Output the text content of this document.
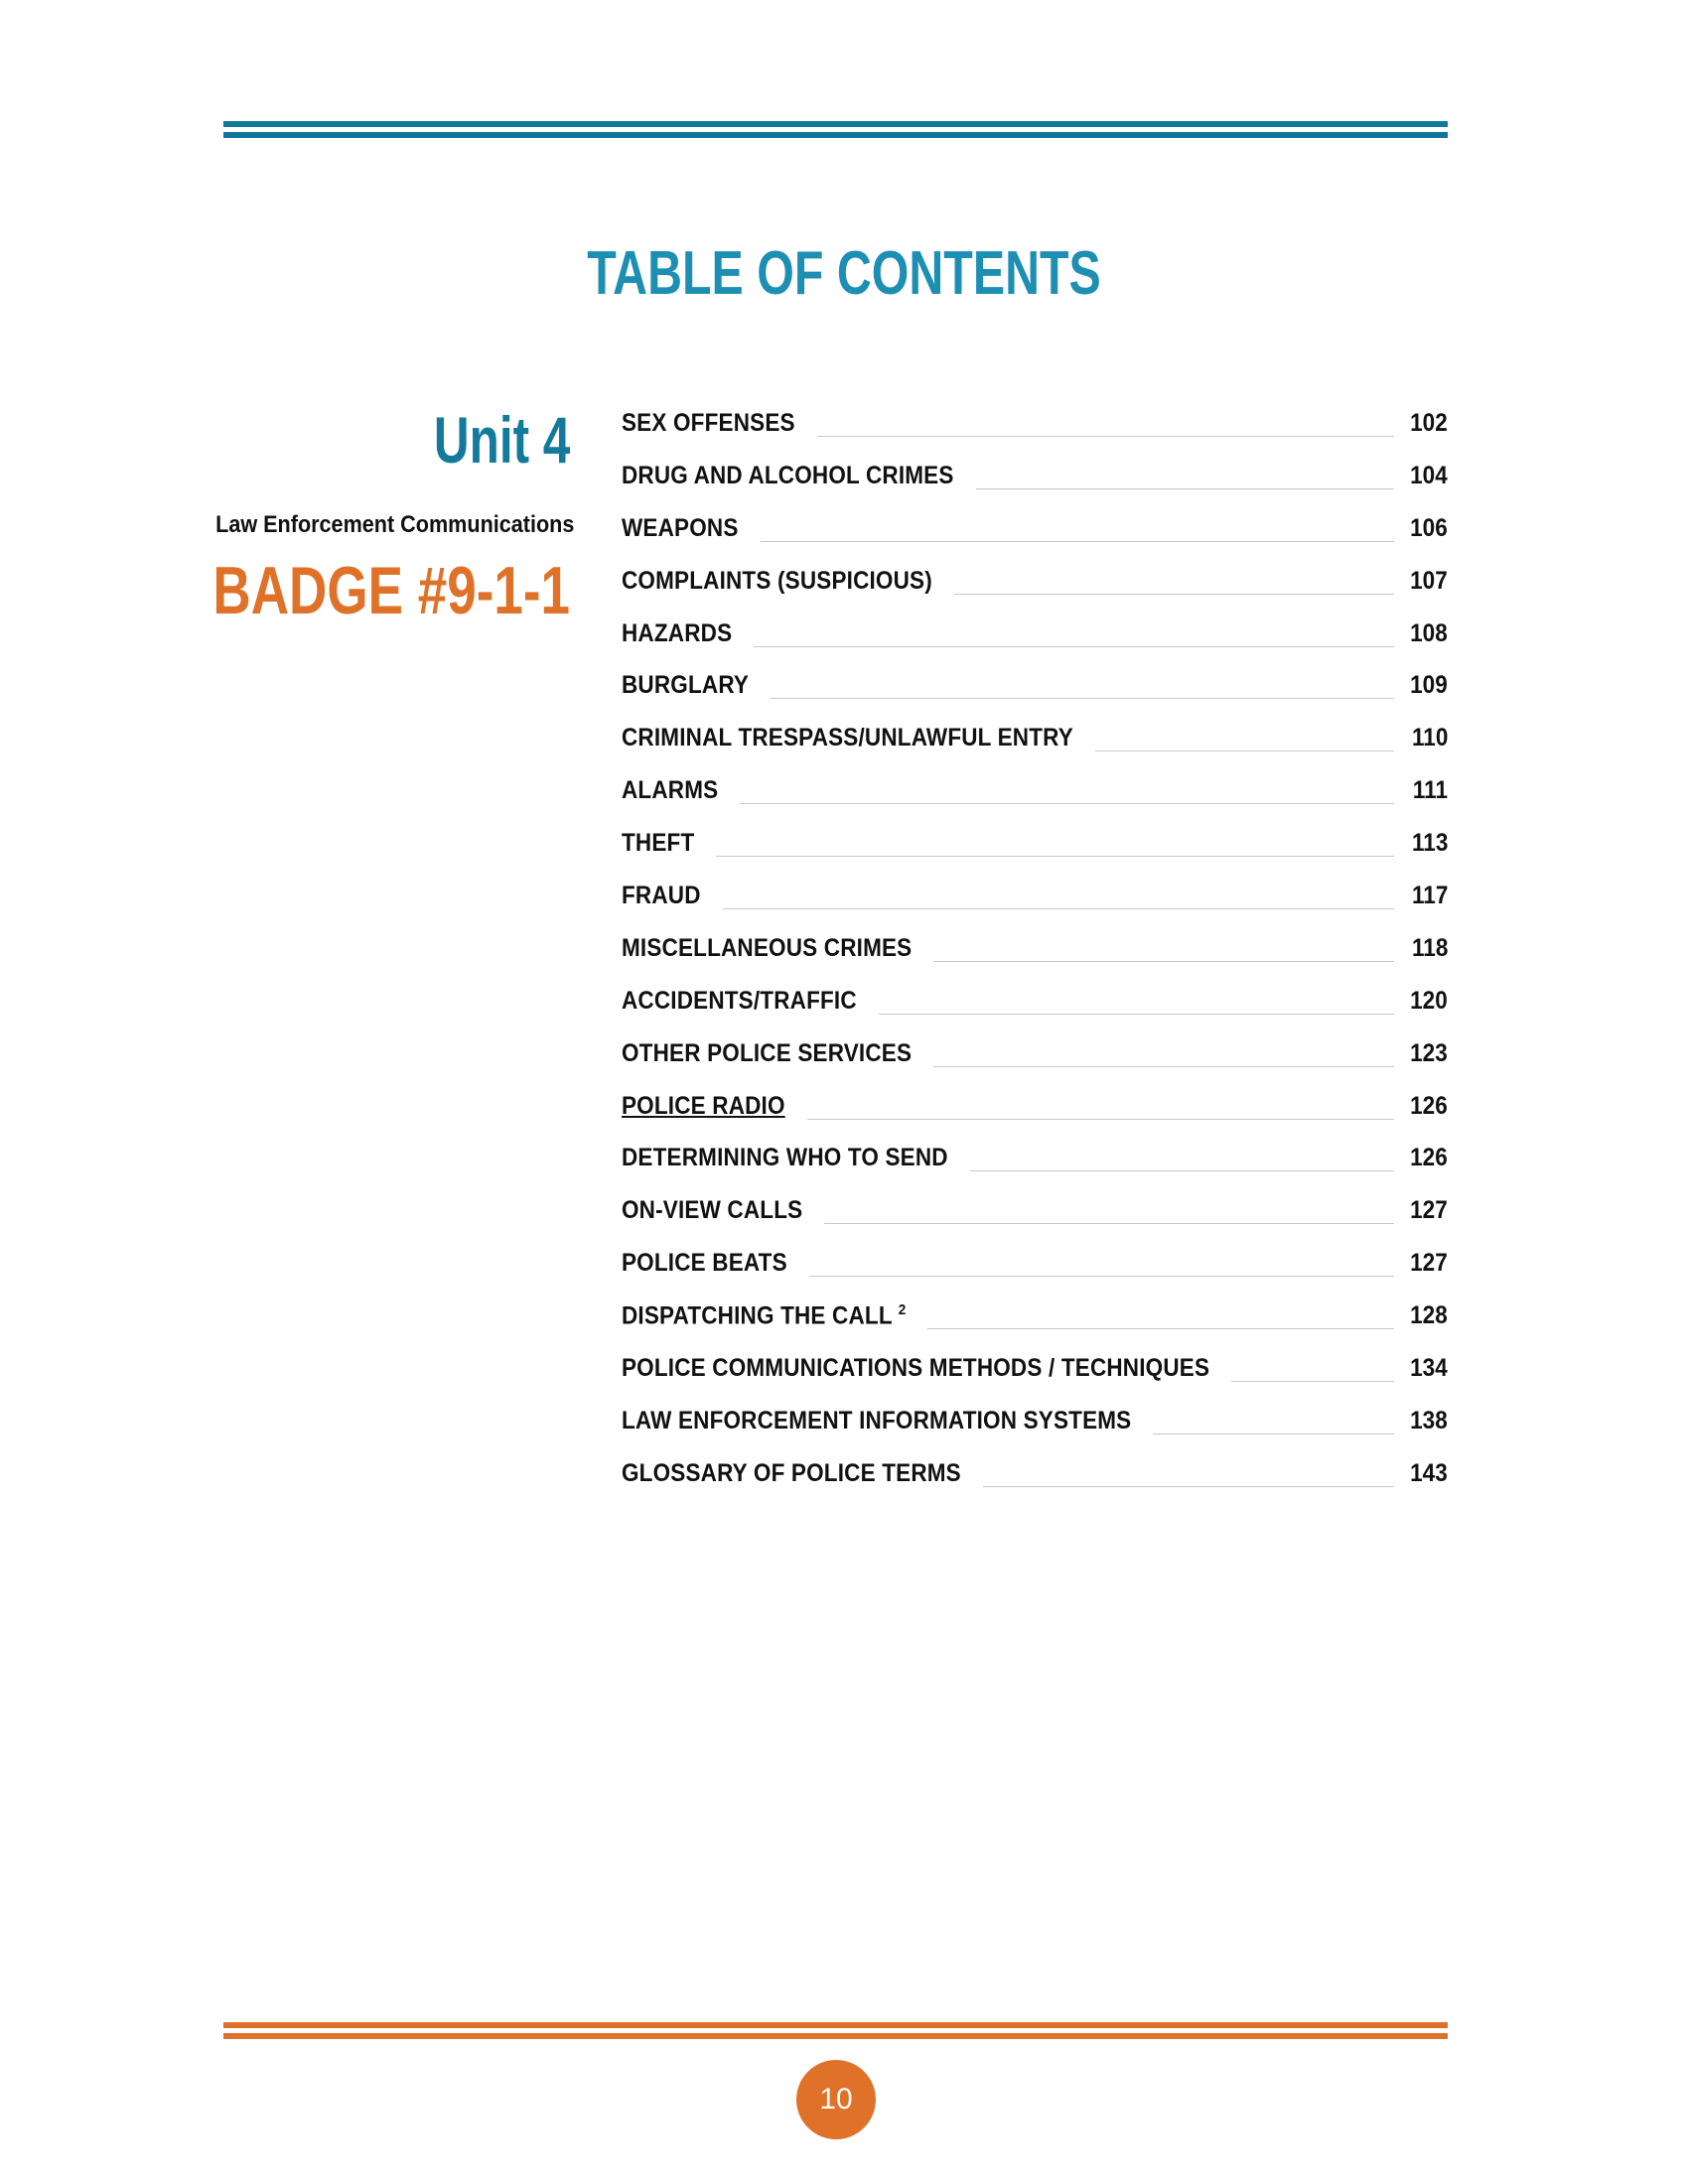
TABLE OF CONTENTS
Unit 4
Law Enforcement Communications
BADGE #9-1-1
SEX OFFENSES	102
DRUG AND ALCOHOL CRIMES	104
WEAPONS	106
COMPLAINTS (SUSPICIOUS)	107
HAZARDS	108
BURGLARY	109
CRIMINAL TRESPASS/UNLAWFUL ENTRY	110
ALARMS	111
THEFT	113
FRAUD	117
MISCELLANEOUS CRIMES	118
ACCIDENTS/TRAFFIC	120
OTHER POLICE SERVICES	123
POLICE RADIO	126
DETERMINING WHO TO SEND	126
ON-VIEW CALLS	127
POLICE BEATS	127
DISPATCHING THE CALL $^2$	128
POLICE COMMUNICATIONS METHODS / TECHNIQUES	134
LAW ENFORCEMENT INFORMATION SYSTEMS	138
GLOSSARY OF POLICE TERMS	143
10
